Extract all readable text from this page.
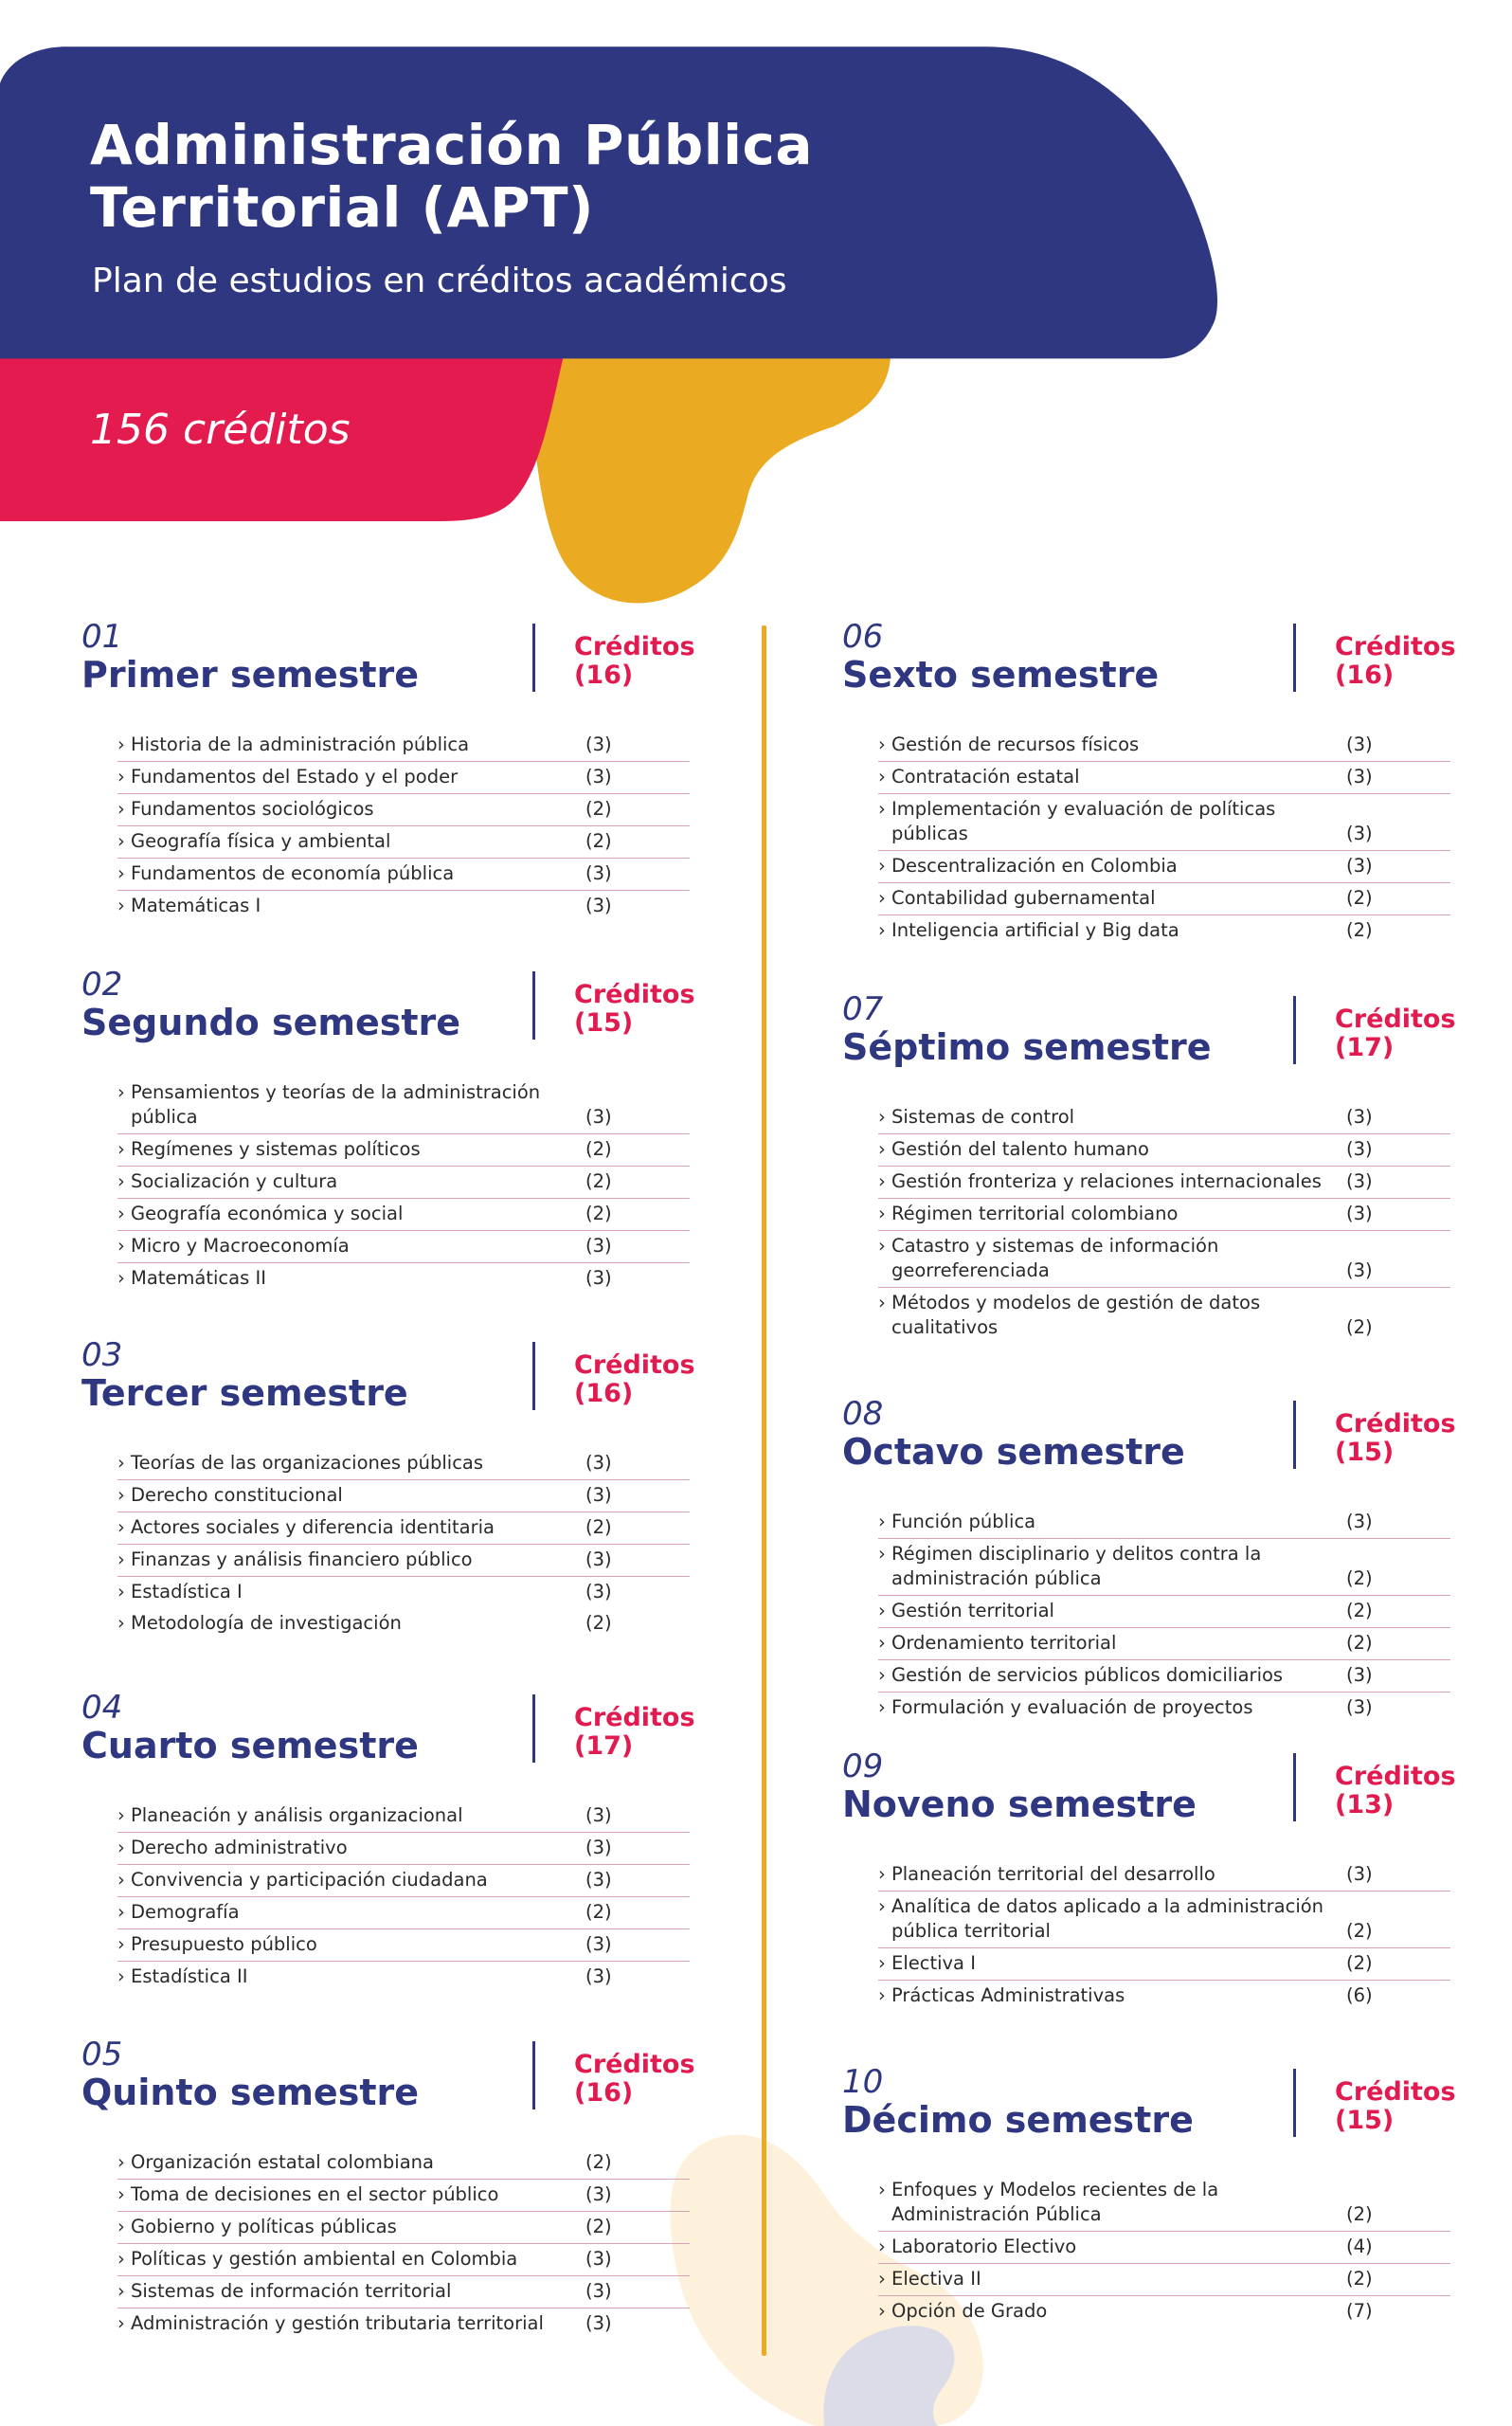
Administración Pública
Territorial (APT)
Plan de estudios en créditos académicos
156 créditos
01
Primer semestre
Créditos
(16)
› Historia de la administración pública	(3)
› Fundamentos del Estado y el poder	(3)
› Fundamentos sociológicos	(2)
› Geografía física y ambiental	(2)
› Fundamentos de economía pública	(3)
› Matemáticas I	(3)
02
Segundo semestre
Créditos
(15)
› Pensamientos y teorías de la administración pública	(3)
› Regímenes y sistemas políticos	(2)
› Socialización y cultura	(2)
› Geografía económica y social	(2)
› Micro y Macroeconomía	(3)
› Matemáticas II	(3)
03
Tercer semestre
Créditos
(16)
› Teorías de las organizaciones públicas	(3)
› Derecho constitucional	(3)
› Actores sociales y diferencia identitaria	(2)
› Finanzas y análisis financiero público	(3)
› Estadística I	(3)
› Metodología de investigación	(2)
04
Cuarto semestre
Créditos
(17)
› Planeación y análisis organizacional	(3)
› Derecho administrativo	(3)
› Convivencia y participación ciudadana	(3)
› Demografía	(2)
› Presupuesto público	(3)
› Estadística II	(3)
05
Quinto semestre
Créditos
(16)
› Organización estatal colombiana	(2)
› Toma de decisiones en el sector público	(3)
› Gobierno y políticas públicas	(2)
› Políticas y gestión ambiental en Colombia	(3)
› Sistemas de información territorial	(3)
› Administración y gestión tributaria territorial	(3)
06
Sexto semestre
Créditos
(16)
› Gestión de recursos físicos	(3)
› Contratación estatal	(3)
› Implementación y evaluación de políticas públicas	(3)
› Descentralización en Colombia	(3)
› Contabilidad gubernamental	(2)
› Inteligencia artificial y Big data	(2)
07
Séptimo semestre
Créditos
(17)
› Sistemas de control	(3)
› Gestión del talento humano	(3)
› Gestión fronteriza y relaciones internacionales	(3)
› Régimen territorial colombiano	(3)
› Catastro y sistemas de información georreferenciada	(3)
› Métodos y modelos de gestión de datos cualitativos	(2)
08
Octavo semestre
Créditos
(15)
› Función pública	(3)
› Régimen disciplinario y delitos contra la administración pública	(2)
› Gestión territorial	(2)
› Ordenamiento territorial	(2)
› Gestión de servicios públicos domiciliarios	(3)
› Formulación y evaluación de proyectos	(3)
09
Noveno semestre
Créditos
(13)
› Planeación territorial del desarrollo	(3)
› Analítica de datos aplicado a la administración pública territorial	(2)
› Electiva I	(2)
› Prácticas Administrativas	(6)
10
Décimo semestre
Créditos
(15)
› Enfoques y Modelos recientes de la Administración Pública	(2)
› Laboratorio Electivo	(4)
› Electiva II	(2)
› Opción de Grado	(7)
